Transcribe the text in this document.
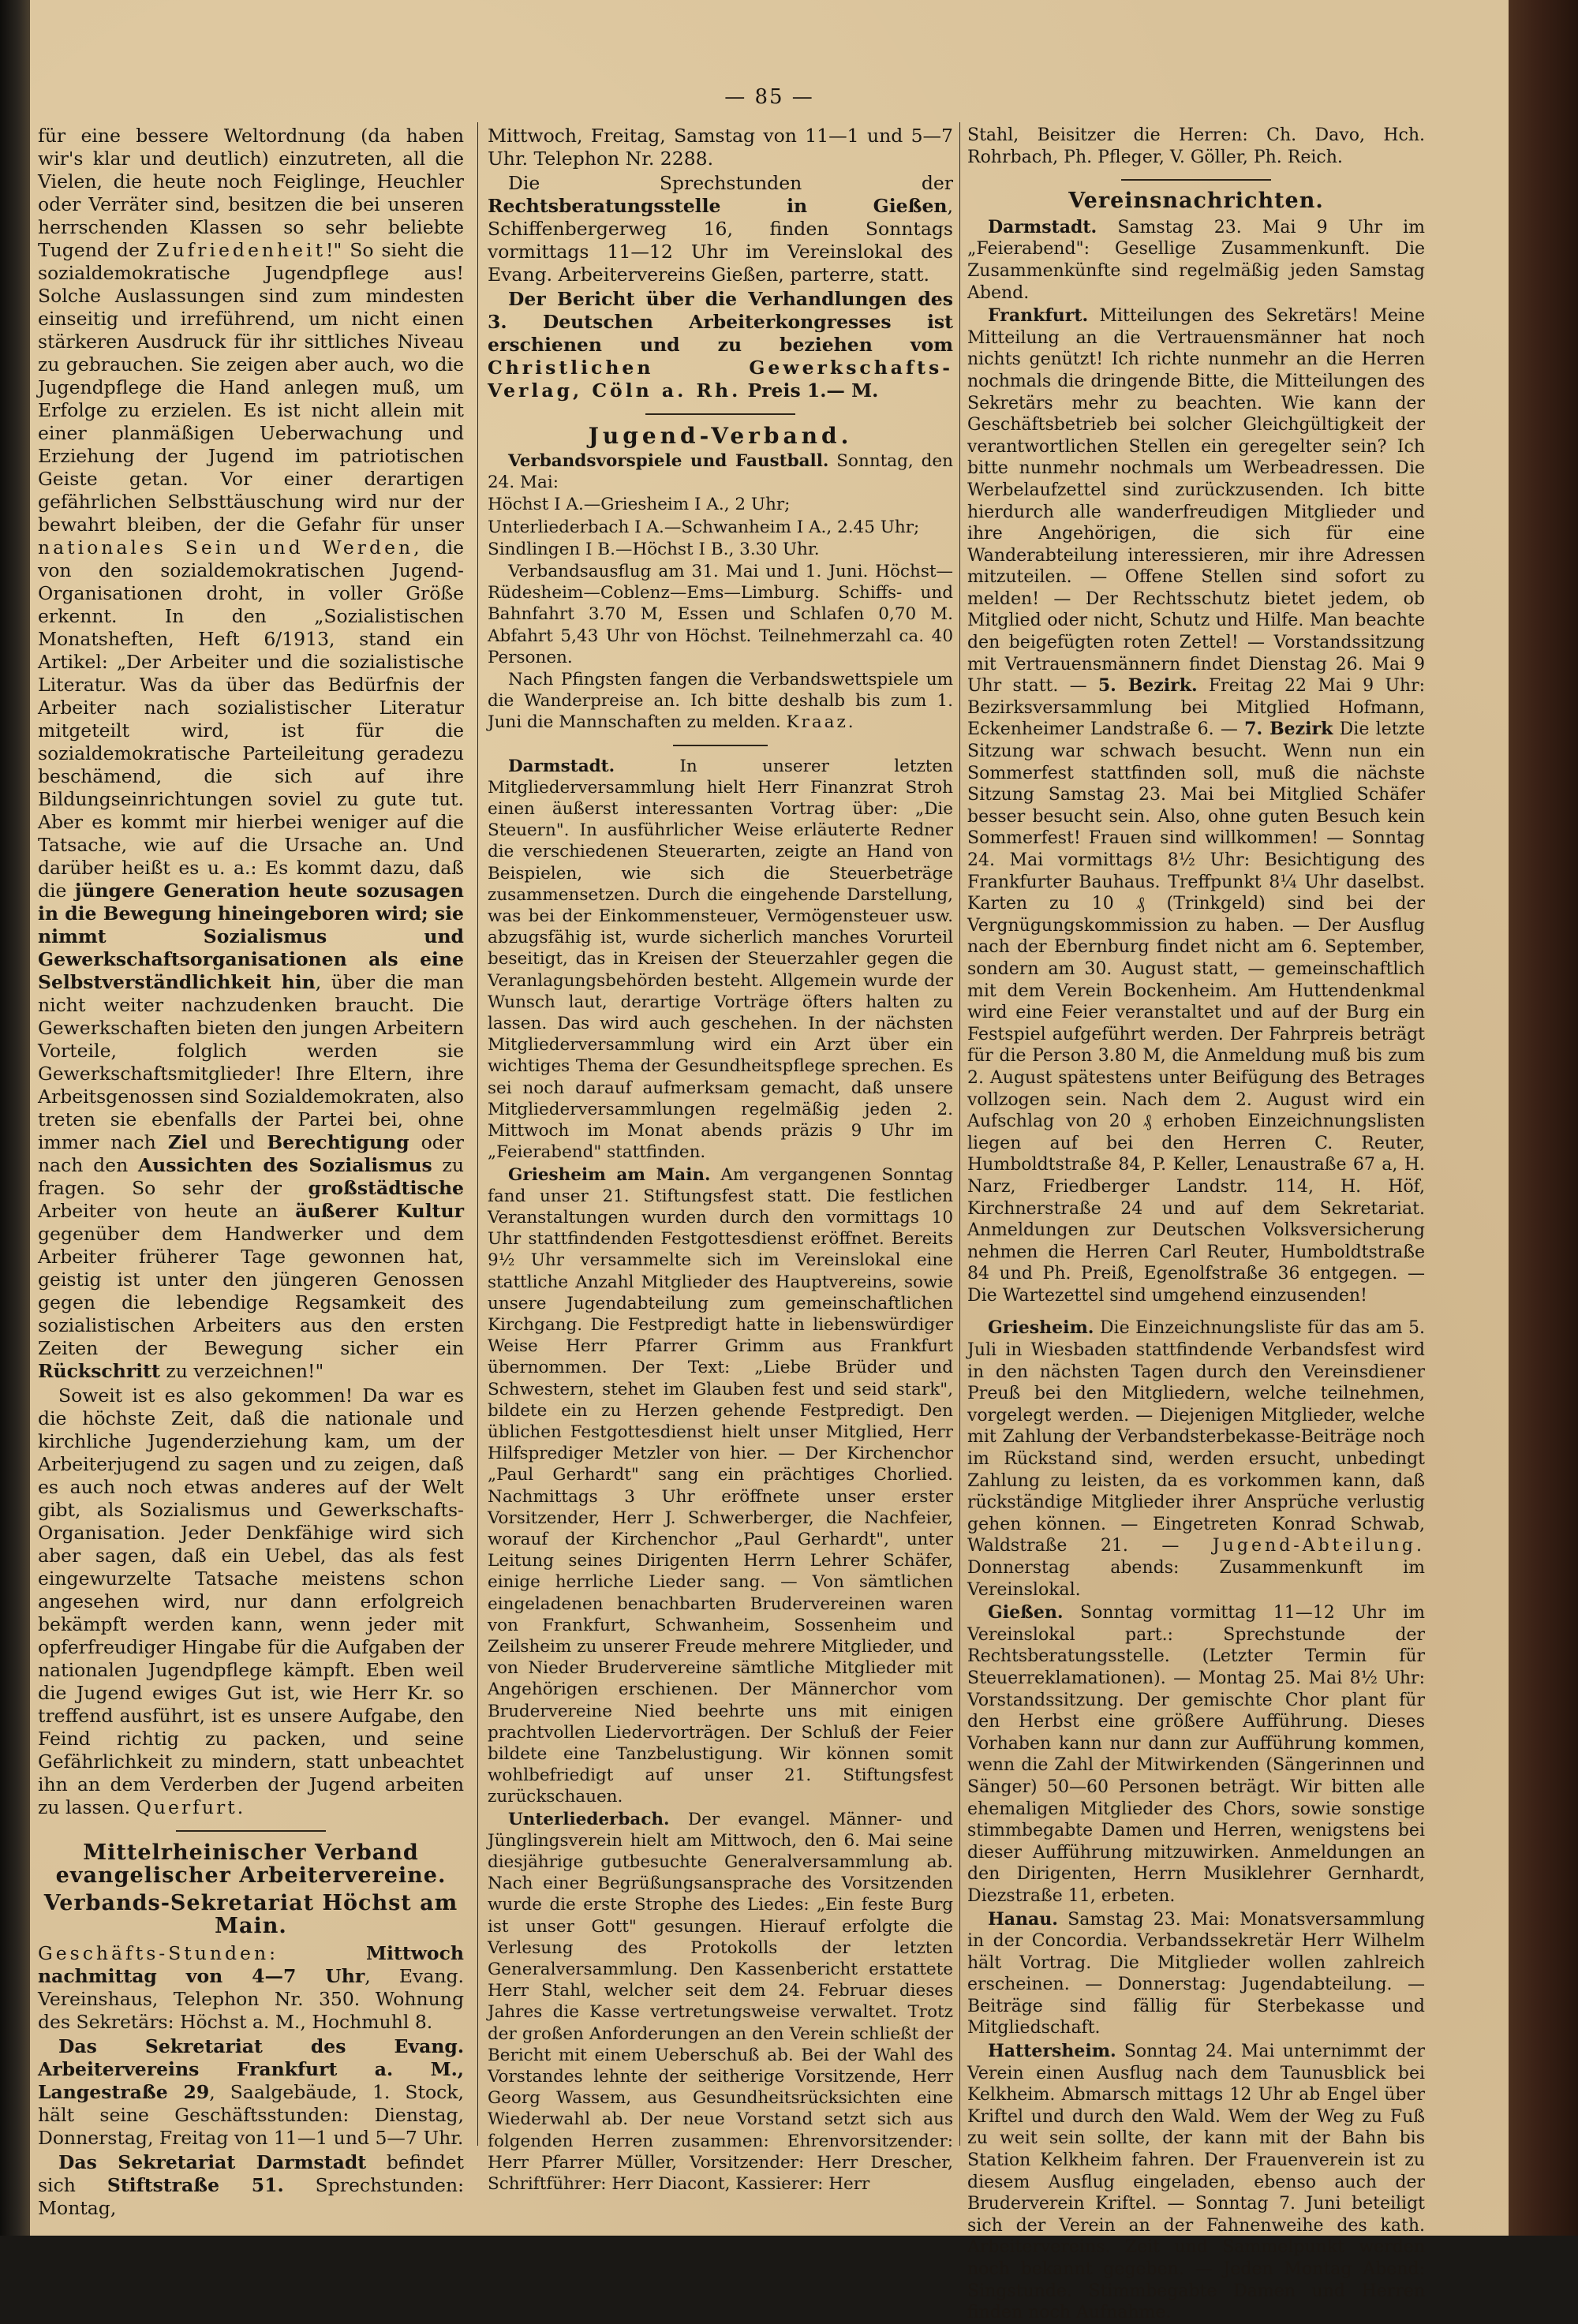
— 85 —

für eine bessere Weltordnung (da haben wir's klar und deutlich) einzutreten, all die Vielen, die heute noch Feiglinge, Heuchler oder Verräter sind, besitzen die bei unseren herrschenden Klassen so sehr beliebte Tugend der Zufriedenheit!" So sieht die sozialdemokratische Jugendpflege aus! Solche Auslassungen sind zum mindesten einseitig und irreführend, um nicht einen stärkeren Ausdruck für ihr sittliches Niveau zu gebrauchen. Sie zeigen aber auch, wo die Jugendpflege die Hand anlegen muß, um Erfolge zu erzielen. Es ist nicht allein mit einer planmäßigen Ueberwachung und Erziehung der Jugend im patriotischen Geiste getan. Vor einer derartigen gefährlichen Selbsttäuschung wird nur der bewahrt bleiben, der die Gefahr für unser nationales Sein und Werden, die von den sozialdemokratischen Jugend-Organisationen droht, in voller Größe erkennt. In den „Sozialistischen Monatsheften, Heft 6/1913, stand ein Artikel: „Der Arbeiter und die sozialistische Literatur. Was da über das Bedürfnis der Arbeiter nach sozialistischer Literatur mitgeteilt wird, ist für die sozialdemokratische Parteileitung geradezu beschämend, die sich auf ihre Bildungseinrichtungen soviel zu gute tut. Aber es kommt mir hierbei weniger auf die Tatsache, wie auf die Ursache an. Und darüber heißt es u. a.: Es kommt dazu, daß die jüngere Generation heute sozusagen in die Bewegung hineingeboren wird; sie nimmt Sozialismus und Gewerkschaftsorganisationen als eine Selbstverständlichkeit hin, über die man nicht weiter nachzudenken braucht. Die Gewerkschaften bieten den jungen Arbeitern Vorteile, folglich werden sie Gewerkschaftsmitglieder! Ihre Eltern, ihre Arbeitsgenossen sind Sozialdemokraten, also treten sie ebenfalls der Partei bei, ohne immer nach Ziel und Berechtigung oder nach den Aussichten des Sozialismus zu fragen. So sehr der großstädtische Arbeiter von heute an äußerer Kultur gegenüber dem Handwerker und dem Arbeiter früherer Tage gewonnen hat, geistig ist unter den jüngeren Genossen gegen die lebendige Regsamkeit des sozialistischen Arbeiters aus den ersten Zeiten der Bewegung sicher ein Rückschritt zu verzeichnen!"

Soweit ist es also gekommen! Da war es die höchste Zeit, daß die nationale und kirchliche Jugenderziehung kam, um der Arbeiterjugend zu sagen und zu zeigen, daß es auch noch etwas anderes auf der Welt gibt, als Sozialismus und Gewerkschafts-Organisation. Jeder Denkfähige wird sich aber sagen, daß ein Uebel, das als fest eingewurzelte Tatsache meistens schon angesehen wird, nur dann erfolgreich bekämpft werden kann, wenn jeder mit opferfreudiger Hingabe für die Aufgaben der nationalen Jugendpflege kämpft. Eben weil die Jugend ewiges Gut ist, wie Herr Kr. so treffend ausführt, ist es unsere Aufgabe, den Feind richtig zu packen, und seine Gefährlichkeit zu mindern, statt unbeachtet ihn an dem Verderben der Jugend arbeiten zu lassen. Querfurt.

Mittelrheinischer Verband evangelischer Arbeitervereine.
Verbands-Sekretariat Höchst am Main.

Geschäfts-Stunden:	Mittwoch nachmittag von 4—7 Uhr, Evang. Vereinshaus, Telephon Nr. 350. Wohnung des Sekretärs: Höchst a. M., Hochmuhl 8.

Das Sekretariat des Evang. Arbeitervereins Frankfurt a. M., Langestraße 29, Saalgebäude, 1. Stock, hält seine Geschäftsstunden: Dienstag, Donnerstag, Freitag von 11—1 und 5—7 Uhr.

Das Sekretariat Darmstadt befindet sich Stiftstraße 51. Sprechstunden: Montag,

Mittwoch, Freitag, Samstag von 11—1 und 5—7 Uhr. Telephon Nr. 2288.

Die Sprechstunden der Rechtsberatungsstelle in Gießen, Schiffenbergerweg 16, finden Sonntags vormittags 11—12 Uhr im Vereinslokal des Evang. Arbeitervereins Gießen, parterre, statt.

Der Bericht über die Verhandlungen des 3. Deutschen Arbeiterkongresses ist erschienen und zu beziehen vom Christlichen Gewerkschafts-Verlag, Cöln a. Rh. Preis 1.— M.

Jugend-Verband.

Verbandsvorspiele und Faustball. Sonntag, den 24. Mai:

Höchst I A.—Griesheim I A., 2 Uhr;

Unterliederbach I A.—Schwanheim I A., 2.45 Uhr;

Sindlingen I B.—Höchst I B., 3.30 Uhr.

Verbandsausflug am 31. Mai und 1. Juni. Höchst—Rüdesheim—Coblenz—Ems—Limburg. Schiffs- und Bahnfahrt 3.70 M, Essen und Schlafen 0,70 M. Abfahrt 5,43 Uhr von Höchst. Teilnehmerzahl ca. 40 Personen.

Nach Pfingsten fangen die Verbandswettspiele um die Wanderpreise an. Ich bitte deshalb bis zum 1. Juni die Mannschaften zu melden. Kraaz.

Darmstadt. In unserer letzten Mitgliederversammlung hielt Herr Finanzrat Stroh einen äußerst interessanten Vortrag über: „Die Steuern". In ausführlicher Weise erläuterte Redner die verschiedenen Steuerarten, zeigte an Hand von Beispielen, wie sich die Steuerbeträge zusammensetzen. Durch die eingehende Darstellung, was bei der Einkommensteuer, Vermögensteuer usw. abzugsfähig ist, wurde sicherlich manches Vorurteil beseitigt, das in Kreisen der Steuerzahler gegen die Veranlagungsbehörden besteht. Allgemein wurde der Wunsch laut, derartige Vorträge öfters halten zu lassen. Das wird auch geschehen. In der nächsten Mitgliederversammlung wird ein Arzt über ein wichtiges Thema der Gesundheitspflege sprechen. Es sei noch darauf aufmerksam gemacht, daß unsere Mitgliederversammlungen regelmäßig jeden 2. Mittwoch im Monat abends präzis 9 Uhr im „Feierabend" stattfinden.

Griesheim am Main. Am vergangenen Sonntag fand unser 21. Stiftungsfest statt. Die festlichen Veranstaltungen wurden durch den vormittags 10 Uhr stattfindenden Festgottesdienst eröffnet. Bereits 9½ Uhr versammelte sich im Vereinslokal eine stattliche Anzahl Mitglieder des Hauptvereins, sowie unsere Jugendabteilung zum gemeinschaftlichen Kirchgang. Die Festpredigt hatte in liebenswürdiger Weise Herr Pfarrer Grimm aus Frankfurt übernommen. Der Text: „Liebe Brüder und Schwestern, stehet im Glauben fest und seid stark", bildete ein zu Herzen gehende Festpredigt. Den üblichen Festgottesdienst hielt unser Mitglied, Herr Hilfsprediger Metzler von hier. — Der Kirchenchor „Paul Gerhardt" sang ein prächtiges Chorlied. Nachmittags 3 Uhr eröffnete unser erster Vorsitzender, Herr J. Schwerberger, die Nachfeier, worauf der Kirchenchor „Paul Gerhardt", unter Leitung seines Dirigenten Herrn Lehrer Schäfer, einige herrliche Lieder sang. — Von sämtlichen eingeladenen benachbarten Brudervereinen waren von Frankfurt, Schwanheim, Sossenheim und Zeilsheim zu unserer Freude mehrere Mitglieder, und von Nieder Brudervereine sämtliche Mitglieder mit Angehörigen erschienen. Der Männerchor vom Brudervereine Nied beehrte uns mit einigen prachtvollen Liedervorträgen. Der Schluß der Feier bildete eine Tanzbelustigung. Wir können somit wohlbefriedigt auf unser 21. Stiftungsfest zurückschauen.

Unterliederbach. Der evangel. Männer- und Jünglingsverein hielt am Mittwoch, den 6. Mai seine diesjährige gutbesuchte Generalversammlung ab. Nach einer Begrüßungsansprache des Vorsitzenden wurde die erste Strophe des Liedes: „Ein feste Burg ist unser Gott" gesungen. Hierauf erfolgte die Verlesung des Protokolls der letzten Generalversammlung. Den Kassenbericht erstattete Herr Stahl, welcher seit dem 24. Februar dieses Jahres die Kasse vertretungsweise verwaltet. Trotz der großen Anforderungen an den Verein schließt der Bericht mit einem Ueberschuß ab. Bei der Wahl des Vorstandes lehnte der seitherige Vorsitzende, Herr Georg Wassem, aus Gesundheitsrücksichten eine Wiederwahl ab. Der neue Vorstand setzt sich aus folgenden Herren zusammen: Ehrenvorsitzender: Herr Pfarrer Müller, Vorsitzender: Herr Drescher, Schriftführer: Herr Diacont, Kassierer: Herr

Stahl, Beisitzer die Herren: Ch. Davo, Hch. Rohrbach, Ph. Pfleger, V. Göller, Ph. Reich.

Vereinsnachrichten.

Darmstadt. Samstag 23. Mai 9 Uhr im „Feierabend": Gesellige Zusammenkunft. Die Zusammenkünfte sind regelmäßig jeden Samstag Abend.

Frankfurt. Mitteilungen des Sekretärs! Meine Mitteilung an die Vertrauensmänner hat noch nichts genützt! Ich richte nunmehr an die Herren nochmals die dringende Bitte, die Mitteilungen des Sekretärs mehr zu beachten. Wie kann der Geschäftsbetrieb bei solcher Gleichgültigkeit der verantwortlichen Stellen ein geregelter sein? Ich bitte nunmehr nochmals um Werbeadressen. Die Werbelaufzettel sind zurückzusenden. Ich bitte hierdurch alle wanderfreudigen Mitglieder und ihre Angehörigen, die sich für eine Wanderabteilung interessieren, mir ihre Adressen mitzuteilen. — Offene Stellen sind sofort zu melden! — Der Rechtsschutz bietet jedem, ob Mitglied oder nicht, Schutz und Hilfe. Man beachte den beigefügten roten Zettel! — Vorstandssitzung mit Vertrauensmännern findet Dienstag 26. Mai 9 Uhr statt. — 5. Bezirk. Freitag 22 Mai 9 Uhr: Bezirksversammlung bei Mitglied Hofmann, Eckenheimer Landstraße 6. — 7. Bezirk Die letzte Sitzung war schwach besucht. Wenn nun ein Sommerfest stattfinden soll, muß die nächste Sitzung Samstag 23. Mai bei Mitglied Schäfer besser besucht sein. Also, ohne guten Besuch kein Sommerfest! Frauen sind willkommen! — Sonntag 24. Mai vormittags 8½ Uhr: Besichtigung des Frankfurter Bauhaus. Treffpunkt 8¼ Uhr daselbst. Karten zu 10 ₰ (Trinkgeld) sind bei der Vergnügungskommission zu haben. — Der Ausflug nach der Ebernburg findet nicht am 6. September, sondern am 30. August statt, — gemeinschaftlich mit dem Verein Bockenheim. Am Huttendenkmal wird eine Feier veranstaltet und auf der Burg ein Festspiel aufgeführt werden. Der Fahrpreis beträgt für die Person 3.80 M, die Anmeldung muß bis zum 2. August spätestens unter Beifügung des Betrages vollzogen sein. Nach dem 2. August wird ein Aufschlag von 20 ₰ erhoben Einzeichnungslisten liegen auf bei den Herren C. Reuter, Humboldtstraße 84, P. Keller, Lenaustraße 67 a, H. Narz, Friedberger Landstr. 114, H. Höf, Kirchnerstraße 24 und auf dem Sekretariat. Anmeldungen zur Deutschen Volksversicherung nehmen die Herren Carl Reuter, Humboldtstraße 84 und Ph. Preiß, Egenolfstraße 36 entgegen. — Die Wartezettel sind umgehend einzusenden!

Griesheim. Die Einzeichnungsliste für das am 5. Juli in Wiesbaden stattfindende Verbandsfest wird in den nächsten Tagen durch den Vereinsdiener Preuß bei den Mitgliedern, welche teilnehmen, vorgelegt werden. — Diejenigen Mitglieder, welche mit Zahlung der Verbandsterbekasse-Beiträge noch im Rückstand sind, werden ersucht, unbedingt Zahlung zu leisten, da es vorkommen kann, daß rückständige Mitglieder ihrer Ansprüche verlustig gehen können. — Eingetreten Konrad Schwab, Waldstraße 21. — Jugend-Abteilung. Donnerstag abends: Zusammenkunft im Vereinslokal.

Gießen. Sonntag vormittag 11—12 Uhr im Vereinslokal part.: Sprechstunde der Rechtsberatungsstelle. (Letzter Termin für Steuerreklamationen). — Montag 25. Mai 8½ Uhr: Vorstandssitzung. Der gemischte Chor plant für den Herbst eine größere Aufführung. Dieses Vorhaben kann nur dann zur Aufführung kommen, wenn die Zahl der Mitwirkenden (Sängerinnen und Sänger) 50—60 Personen beträgt. Wir bitten alle ehemaligen Mitglieder des Chors, sowie sonstige stimmbegabte Damen und Herren, wenigstens bei dieser Aufführung mitzuwirken. Anmeldungen an den Dirigenten, Herrn Musiklehrer Gernhardt, Diezstraße 11, erbeten.

Hanau. Samstag 23. Mai: Monatsversammlung in der Concordia. Verbandssekretär Herr Wilhelm hält Vortrag. Die Mitglieder wollen zahlreich erscheinen. — Donnerstag: Jugendabteilung. — Beiträge sind fällig für Sterbekasse und Mitgliedschaft.

Hattersheim. Sonntag 24. Mai unternimmt der Verein einen Ausflug nach dem Taunusblick bei Kelkheim. Abmarsch mittags 12 Uhr ab Engel über Kriftel und durch den Wald. Wem der Weg zu Fuß zu weit sein sollte, der kann mit der Bahn bis Station Kelkheim fahren. Der Frauenverein ist zu diesem Ausflug eingeladen, ebenso auch der Bruderverein Kriftel. — Sonntag 7. Juni beteiligt sich der Verein an der Fahnenweihe des kath. Arbeitervereins. Zeit und Sammelpunkt werden noch bekannt gegeben. — Jeden Montag Abend: Singstunde. Stimmbegabte Damen und Herren finden noch Aufnahme.
